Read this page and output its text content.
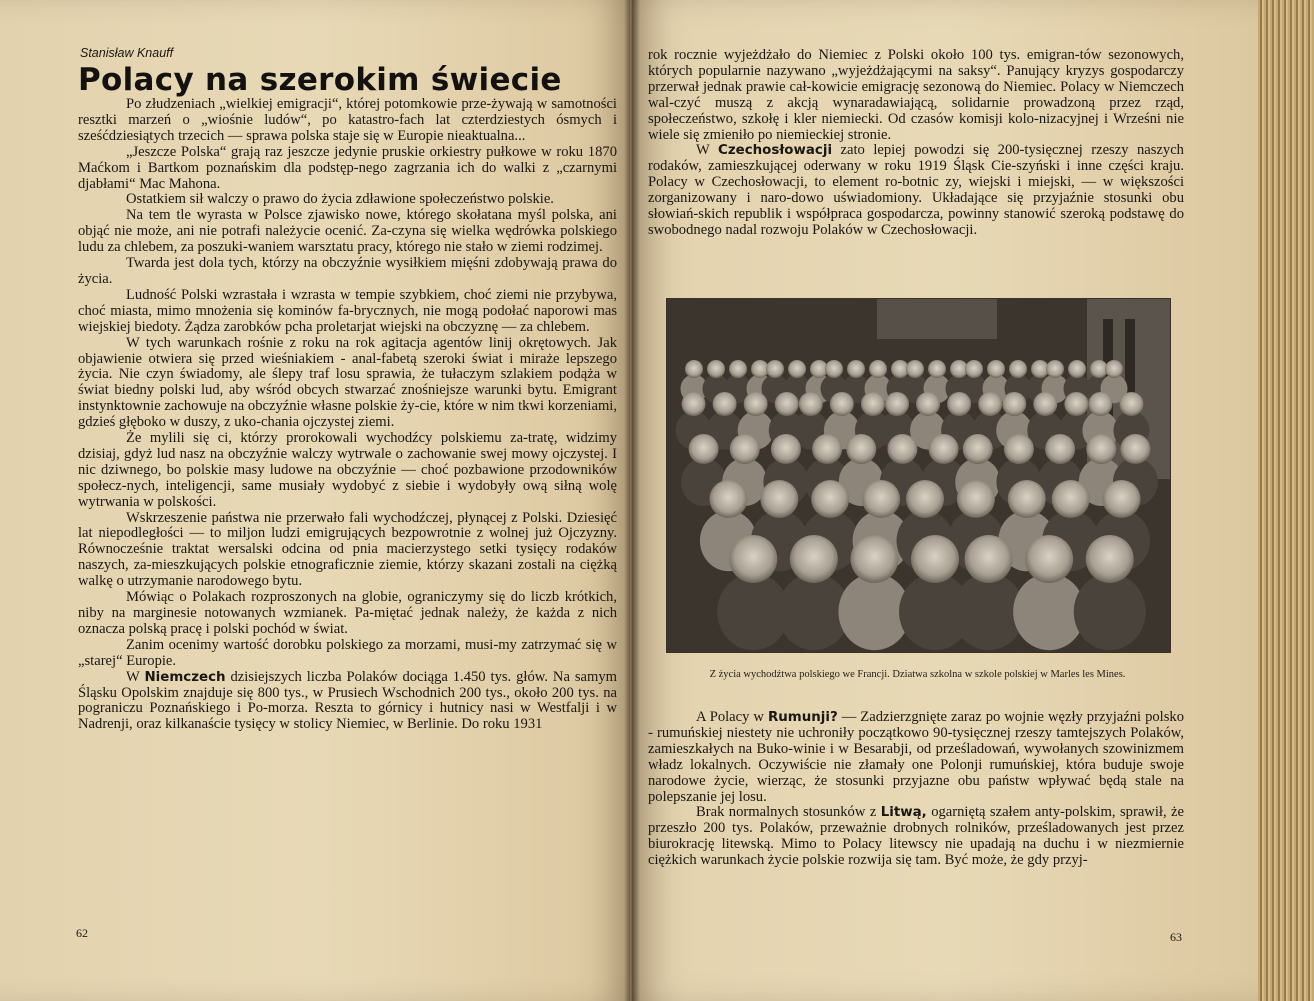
Stanisław Knauff
Polacy na szerokim świecie

Po złudzeniach „wielkiej emigracji“, której potomkowie prze-żywają w samotności resztki marzeń o „wiośnie ludów“, po katastro-fach lat czterdziestych ósmych i sześćdziesiątych trzecich — sprawa polska staje się w Europie nieaktualna...

„Jeszcze Polska“ grają raz jeszcze jedynie pruskie orkiestry pułkowe w roku 1870 Maćkom i Bartkom poznańskim dla podstęp-nego zagrzania ich do walki z „czarnymi djabłami“ Mac Mahona.

Ostatkiem sił walczy o prawo do życia zdławione społeczeństwo polskie.

Na tem tle wyrasta w Polsce zjawisko nowe, którego skołatana myśl polska, ani objąć nie może, ani nie potrafi należycie ocenić. Za-czyna się wielka wędrówka polskiego ludu za chlebem, za poszuki-waniem warsztatu pracy, którego nie stało w ziemi rodzimej.

Twarda jest dola tych, którzy na obczyźnie wysiłkiem mięśni zdobywają prawa do życia.

Ludność Polski wzrastała i wzrasta w tempie szybkiem, choć ziemi nie przybywa, choć miasta, mimo mnożenia się kominów fa-brycznych, nie mogą podołać naporowi mas wiejskiej biedoty. Żądza zarobków pcha proletarjat wiejski na obczyznę — za chlebem.

W tych warunkach rośnie z roku na rok agitacja agentów linij okrętowych. Jak objawienie otwiera się przed wieśniakiem - anal-fabetą szeroki świat i miraże lepszego życia. Nie czyn świadomy, ale ślepy traf losu sprawia, że tułaczym szlakiem podąża w świat biedny polski lud, aby wśród obcych stwarzać znośniejsze warunki bytu. Emigrant instynktownie zachowuje na obczyźnie własne polskie ży-cie, które w nim tkwi korzeniami, gdzieś głęboko w duszy, z uko-chania ojczystej ziemi.

Że mylili się ci, którzy prorokowali wychodźcy polskiemu za-tratę, widzimy dzisiaj, gdyż lud nasz na obczyźnie walczy wytrwale o zachowanie swej mowy ojczystej. I nic dziwnego, bo polskie masy ludowe na obczyźnie — choć pozbawione przodowników społecz-nych, inteligencji, same musiały wydobyć z siebie i wydobyły ową siłną wolę wytrwania w polskości.

Wskrzeszenie państwa nie przerwało fali wychodźczej, płynącej z Polski. Dziesięć lat niepodległości — to miljon ludzi emigrujących bezpowrotnie z wolnej już Ojczyzny. Równocześnie traktat wersalski odcina od pnia macierzystego setki tysięcy rodaków naszych, za-mieszkujących polskie etnograficznie ziemie, którzy skazani zostali na ciężką walkę o utrzymanie narodowego bytu.

Mówiąc o Polakach rozproszonych na globie, ograniczymy się do liczb krótkich, niby na marginesie notowanych wzmianek. Pa-miętać jednak należy, że każda z nich oznacza polską pracę i polski pochód w świat.

Zanim ocenimy wartość dorobku polskiego za morzami, musi-my zatrzymać się w „starej“ Europie.

W Niemczech dzisiejszych liczba Polaków dociąga 1.450 tys. głów. Na samym Śląsku Opolskim znajduje się 800 tys., w Prusiech Wschodnich 200 tys., około 200 tys. na pograniczu Poznańskiego i Po-morza. Reszta to górnicy i hutnicy nasi w Westfalji i w Nadrenji, oraz kilkanaście tysięcy w stolicy Niemiec, w Berlinie. Do roku 1931

62

rok rocznie wyjeżdżało do Niemiec z Polski około 100 tys. emigran-tów sezonowych, których popularnie nazywano „wyjeżdżającymi na saksy“. Panujący kryzys gospodarczy przerwał jednak prawie cał-kowicie emigrację sezonową do Niemiec. Polacy w Niemczech wal-czyć muszą z akcją wynaradawiającą, solidarnie prowadzoną przez rząd, społeczeństwo, szkołę i kler niemiecki. Od czasów komisji kolo-nizacyjnej i Wrześni nie wiele się zmieniło po niemieckiej stronie.

W Czechosłowacji zato lepiej powodzi się 200-tysięcznej rzeszy naszych rodaków, zamieszkującej oderwany w roku 1919 Śląsk Cie-szyński i inne części kraju. Polacy w Czechosłowacji, to element ro-botnic zy, wiejski i miejski, — w większości zorganizowany i naro-dowo uświadomiony. Układające się przyjaźnie stosunki obu słowiań-skich republik i współpraca gospodarcza, powinny stanowić szeroką podstawę do swobodnego nadal rozwoju Polaków w Czechosłowacji.

Z życia wychodźtwa polskiego we Francji. Dziatwa szkolna w szkole polskiej w Marles les Mines.

A Polacy w Rumunji? — Zadzierzgnięte zaraz po wojnie węzły przyjaźni polsko - rumuńskiej niestety nie uchroniły początkowo 90-tysięcznej rzeszy tamtejszych Polaków, zamieszkałych na Buko-winie i w Besarabji, od prześladowań, wywołanych szowinizmem władz lokalnych. Oczywiście nie złamały one Polonji rumuńskiej, która buduje swoje narodowe życie, wierząc, że stosunki przyjazne obu państw wpływać będą stale na polepszanie jej losu.

Brak normalnych stosunków z Litwą, ogarniętą szałem anty-polskim, sprawił, że przeszło 200 tys. Polaków, przeważnie drobnych rolników, prześladowanych jest przez biurokrację litewską. Mimo to Polacy litewscy nie upadają na duchu i w niezmiernie ciężkich warunkach życie polskie rozwija się tam. Być może, że gdy przyj-

63
